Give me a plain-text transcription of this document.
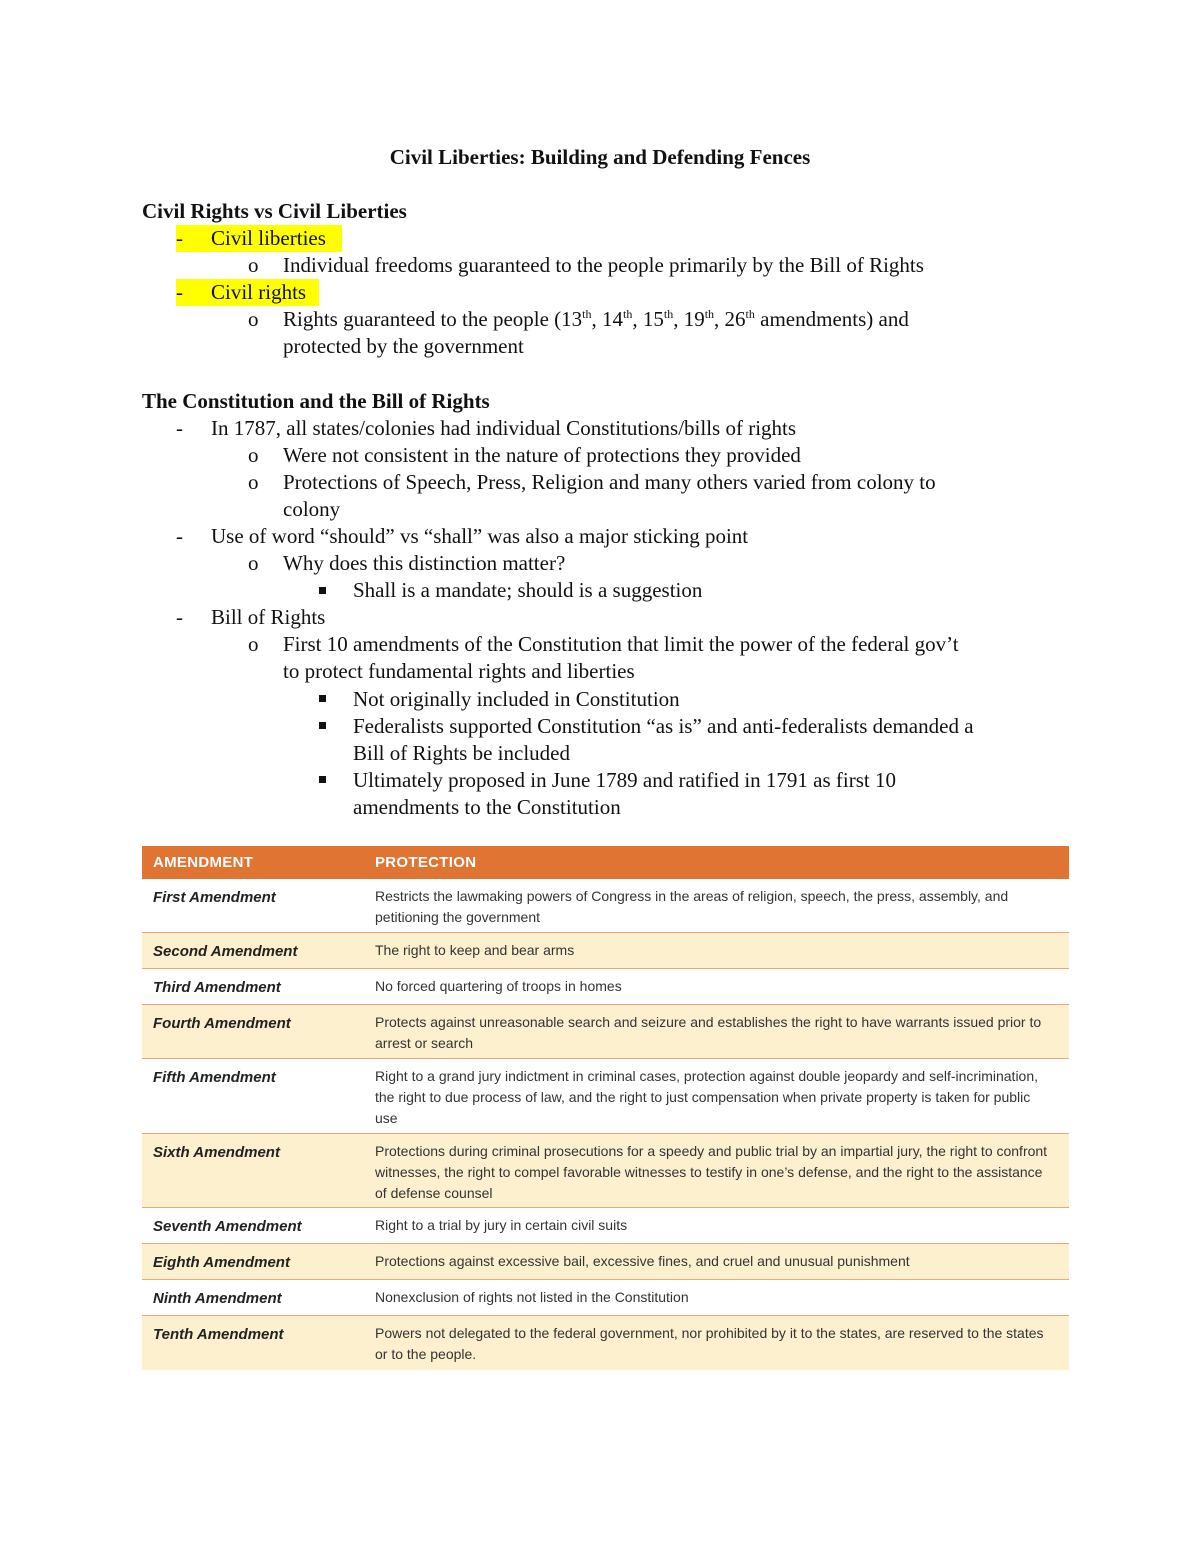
Civil Liberties: Building and Defending Fences
Civil Rights vs Civil Liberties
- Civil liberties
o Individual freedoms guaranteed to the people primarily by the Bill of Rights
- Civil rights
o Rights guaranteed to the people (13th, 14th, 15th, 19th, 26th amendments) and
protected by the government
The Constitution and the Bill of Rights
- In 1787, all states/colonies had individual Constitutions/bills of rights
o Were not consistent in the nature of protections they provided
o Protections of Speech, Press, Religion and many others varied from colony to
colony
- Use of word “should” vs “shall” was also a major sticking point
o Why does this distinction matter?
Shall is a mandate; should is a suggestion
- Bill of Rights
o First 10 amendments of the Constitution that limit the power of the federal gov’t
to protect fundamental rights and liberties
Not originally included in Constitution
Federalists supported Constitution “as is” and anti-federalists demanded a
Bill of Rights be included
Ultimately proposed in June 1789 and ratified in 1791 as first 10
amendments to the Constitution
AMENDMENT	PROTECTION
First Amendment	Restricts the lawmaking powers of Congress in the areas of religion, speech, the press, assembly, and petitioning the government
Second Amendment	The right to keep and bear arms
Third Amendment	No forced quartering of troops in homes
Fourth Amendment	Protects against unreasonable search and seizure and establishes the right to have warrants issued prior to arrest or search
Fifth Amendment	Right to a grand jury indictment in criminal cases, protection against double jeopardy and self-incrimination, the right to due process of law, and the right to just compensation when private property is taken for public use
Sixth Amendment	Protections during criminal prosecutions for a speedy and public trial by an impartial jury, the right to confront witnesses, the right to compel favorable witnesses to testify in one’s defense, and the right to the assistance of defense counsel
Seventh Amendment	Right to a trial by jury in certain civil suits
Eighth Amendment	Protections against excessive bail, excessive fines, and cruel and unusual punishment
Ninth Amendment	Nonexclusion of rights not listed in the Constitution
Tenth Amendment	Powers not delegated to the federal government, nor prohibited by it to the states, are reserved to the states or to the people.
